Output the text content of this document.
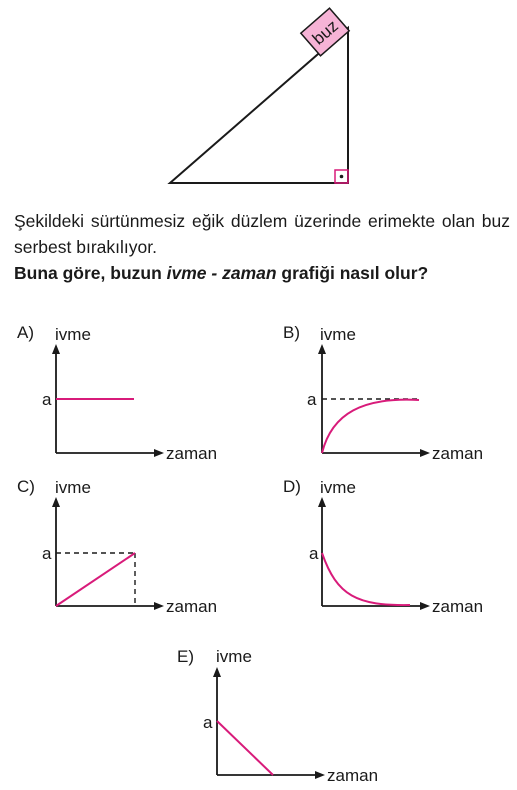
buz

Şekildeki sürtünmesiz eğik düzlem üzerinde erimekte olan buz serbest bırakılıyor.

Buna göre, buzun ivme - zaman grafiği nasıl olur?

A) ivme
zaman
a
B) ivme
zaman
a
C) ivme
zaman
a
D) ivme
zaman
a
E) ivme
zaman
a
